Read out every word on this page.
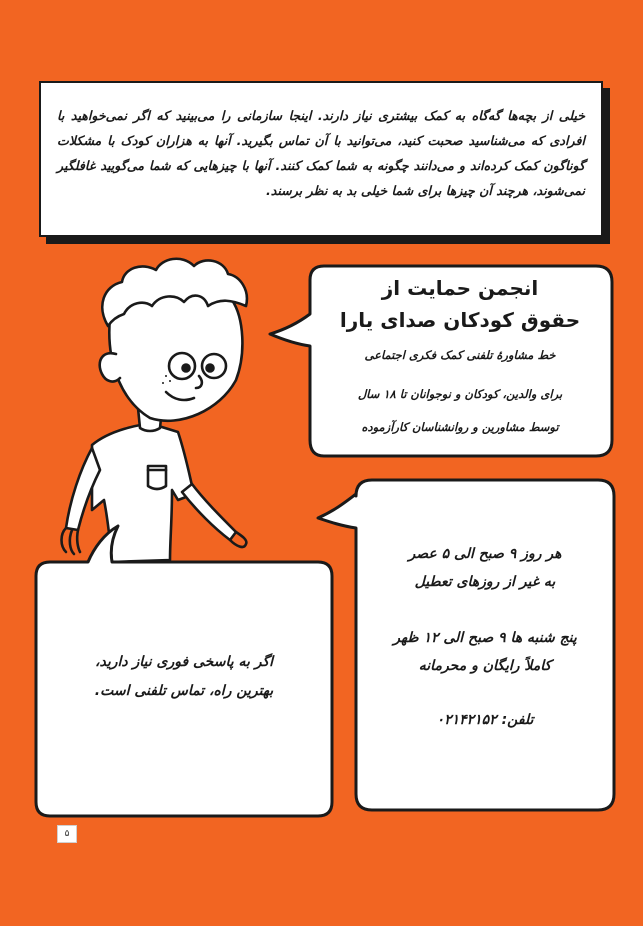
خیلی از بچه‌ها گه‌گاه به کمک بیشتری نیاز دارند. اینجا سازمانی را می‌بینید که اگر نمی‌خواهید با افرادی که می‌شناسید صحبت کنید، می‌توانید با آن تماس بگیرید. آنها به هزاران کودک با مشکلات گوناگون کمک کرده‌اند و می‌دانند چگونه به شما کمک کنند. آنها با چیزهایی که شما می‌گویید غافلگیر نمی‌شوند، هرچند آن چیزها برای شما خیلی بد به نظر برسند.
انجمن حمایت از
حقوق کودکان صدای یارا
خط مشاورهٔ تلفنی کمک فکری اجتماعی
برای والدین، کودکان و نوجوانان تا ۱۸ سال
توسط مشاورین و روانشناسان کارآزموده
هر روز ۹ صبح الی ۵ عصر
به غیر از روزهای تعطیل
پنج شنبه ها ۹ صبح الی ۱۲ ظهر
کاملاً رایگان و محرمانه
تلفن: ۰۲۱۴۲۱۵۲
اگر به پاسخی فوری نیاز دارید،
بهترین راه، تماس تلفنی است.
۵
